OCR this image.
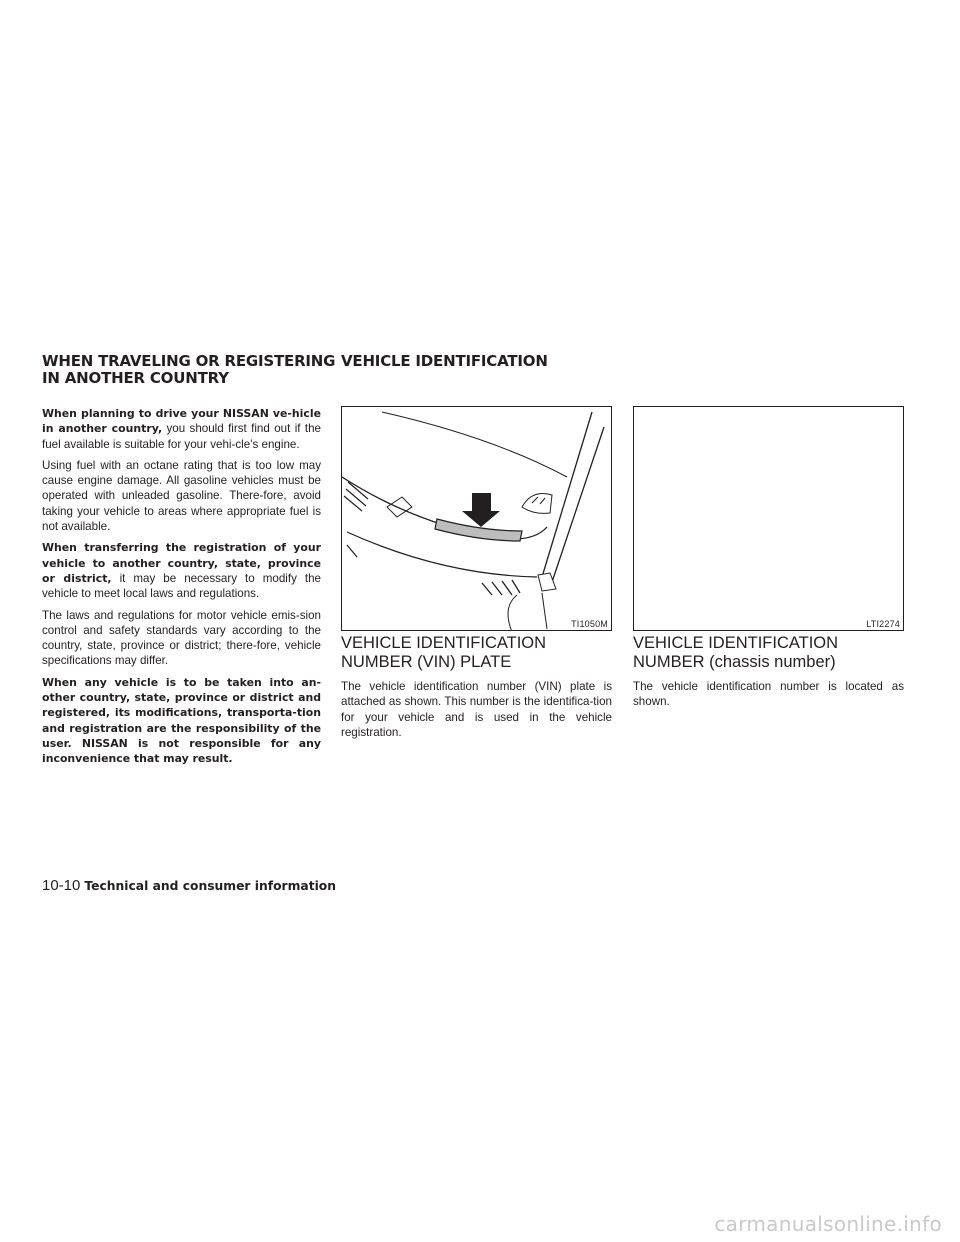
WHEN TRAVELING OR REGISTERING
IN ANOTHER COUNTRY
VEHICLE IDENTIFICATION

When planning to drive your NISSAN ve-hicle in another country, you should first find out if the fuel available is suitable for your vehi-cle’s engine.

Using fuel with an octane rating that is too low may cause engine damage. All gasoline vehicles must be operated with unleaded gasoline. There-fore, avoid taking your vehicle to areas where appropriate fuel is not available.

When transferring the registration of your vehicle to another country, state, province or district, it may be necessary to modify the vehicle to meet local laws and regulations.

The laws and regulations for motor vehicle emis-sion control and safety standards vary according to the country, state, province or district; there-fore, vehicle specifications may differ.

When any vehicle is to be taken into an-other country, state, province or district and registered, its modifications, transporta-tion and registration are the responsibility of the user. NISSAN is not responsible for any inconvenience that may result.

TI1050M
VEHICLE IDENTIFICATION NUMBER (VIN) PLATE

The vehicle identification number (VIN) plate is attached as shown. This number is the identifica-tion for your vehicle and is used in the vehicle registration.

LTI2274
VEHICLE IDENTIFICATION NUMBER (chassis number)

The vehicle identification number is located as shown.

10-10 Technical and consumer information
carmanualsonline.info
